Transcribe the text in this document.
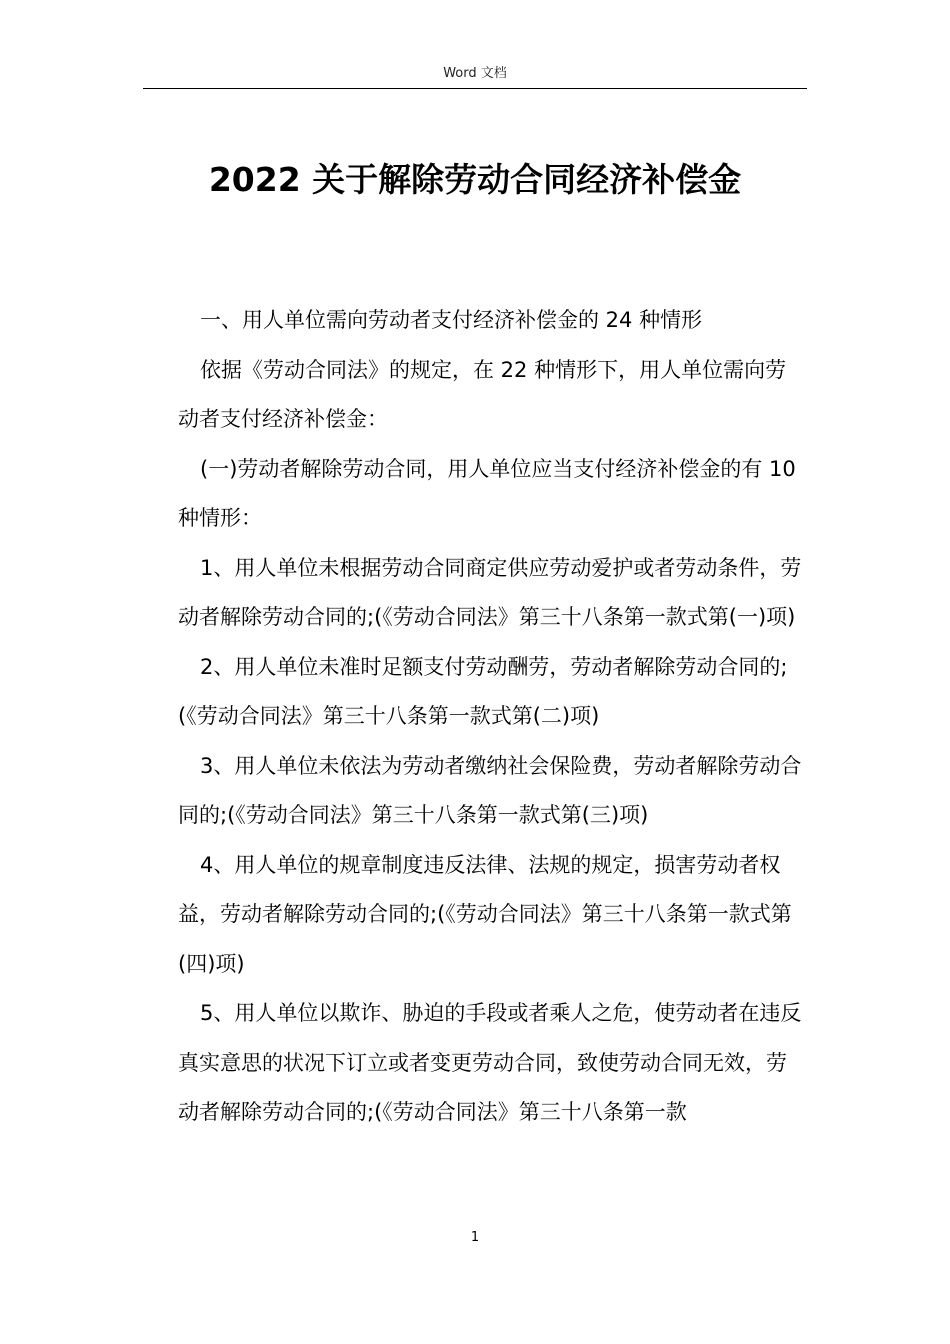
Word 文档
2022 关于解除劳动合同经济补偿金

一、用人单位需向劳动者支付经济补偿金的 24 种情形

依据《劳动合同法》的规定，在 22 种情形下，用人单位需向劳动者支付经济补偿金：

(一)劳动者解除劳动合同，用人单位应当支付经济补偿金的有 10 种情形：

1、用人单位未根据劳动合同商定供应劳动爱护或者劳动条件，劳动者解除劳动合同的;(《劳动合同法》第三十八条第一款式第(一)项)

2、用人单位未准时足额支付劳动酬劳，劳动者解除劳动合同的;(《劳动合同法》第三十八条第一款式第(二)项)

3、用人单位未依法为劳动者缴纳社会保险费，劳动者解除劳动合同的;(《劳动合同法》第三十八条第一款式第(三)项)

4、用人单位的规章制度违反法律、法规的规定，损害劳动者权益，劳动者解除劳动合同的;(《劳动合同法》第三十八条第一款式第(四)项)

5、用人单位以欺诈、胁迫的手段或者乘人之危，使劳动者在违反真实意思的状况下订立或者变更劳动合同，致使劳动合同无效，劳动者解除劳动合同的;(《劳动合同法》第三十八条第一款

1
